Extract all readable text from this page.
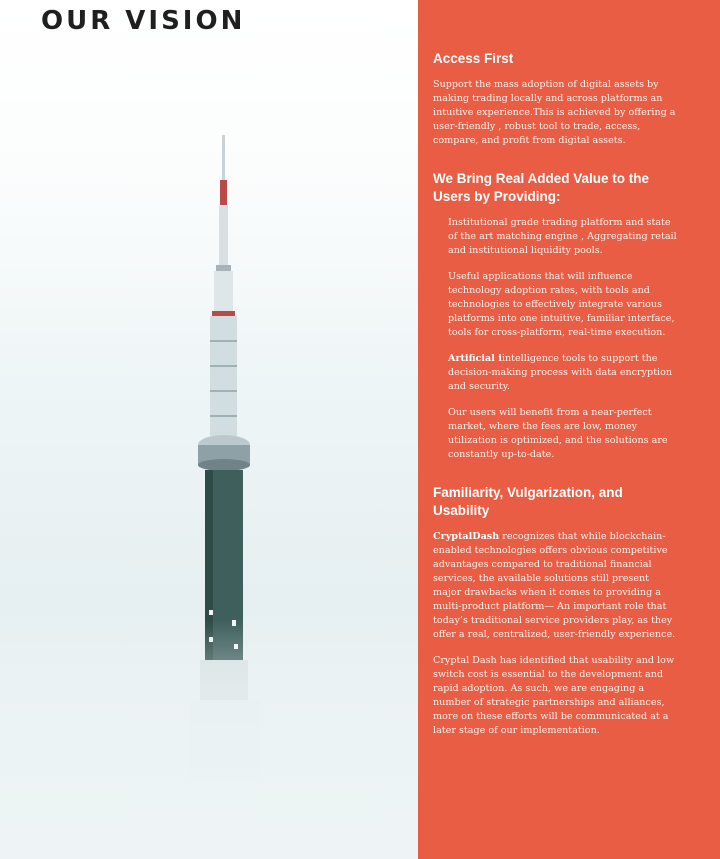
OUR VISION
Access First

Support the mass adoption of digital assets by making trading locally and across platforms an intuitive experience.This is achieved by offering a user-friendly , robust tool to trade, access, compare, and profit from digital assets.

We Bring Real Added Value to the Users by Providing:

Institutional grade trading platform and state of the art matching engine , Aggregating retail and institutional liquidity pools.

Useful applications that will influence technology adoption rates, with tools and technologies to effectively integrate various platforms into one intuitive, familiar interface, tools for cross-platform, real-time execution.

Artificial iintelligence tools to support the decision-making process with data encryption and security.

Our users will benefit from a near-perfect market, where the fees are low, money utilization is optimized, and the solutions are constantly up-to-date.

Familiarity, Vulgarization, and Usability

CryptalDash recognizes that while blockchain-enabled technologies offers obvious competitive advantages compared to traditional financial services, the available solutions still present major drawbacks when it comes to providing a multi-product platform— An important role that today’s traditional service providers play, as they offer a real, centralized, user-friendly experience.

Cryptal Dash has identified that usability and low switch cost is essential to the development and rapid adoption. As such, we are engaging a number of strategic partnerships and alliances, more on these efforts will be communicated at a later stage of our implementation.
